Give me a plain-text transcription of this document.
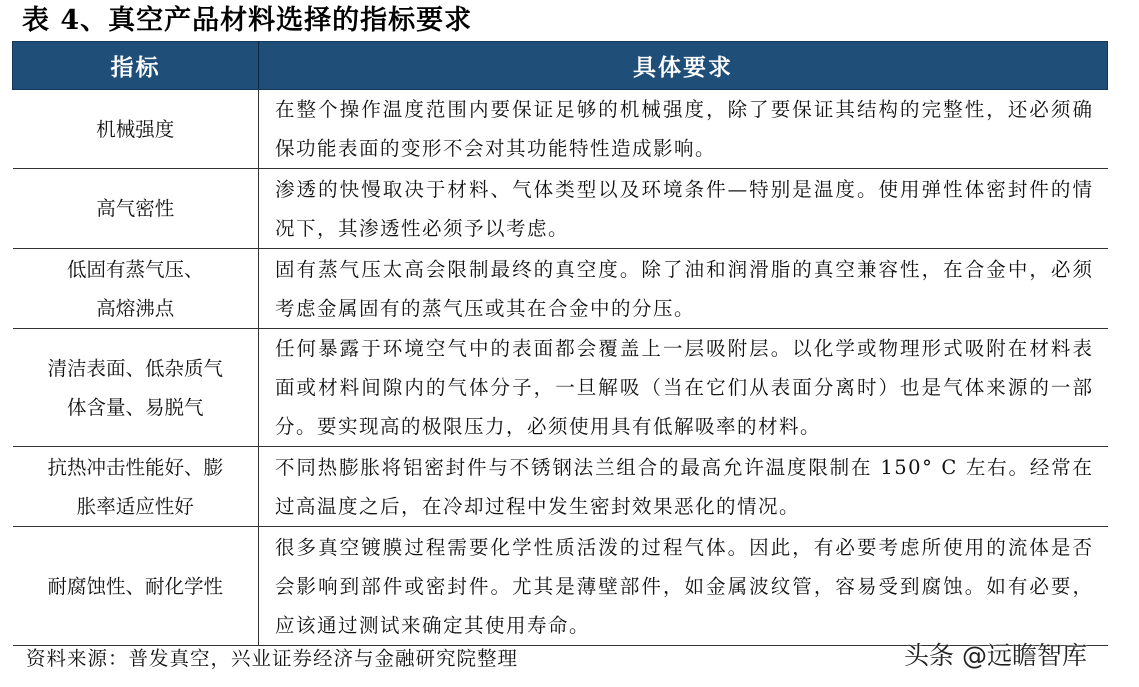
表 4、真空产品材料选择的指标要求
指标	具体要求
机械强度	在整个操作温度范围内要保证足够的机械强度，除了要保证其结构的完整性，还必须确保功能表面的变形不会对其功能特性造成影响。
高气密性	渗透的快慢取决于材料、气体类型以及环境条件—特别是温度。使用弹性体密封件的情况下，其渗透性必须予以考虑。
低固有蒸气压、
高熔沸点	固有蒸气压太高会限制最终的真空度。除了油和润滑脂的真空兼容性，在合金中，必须考虑金属固有的蒸气压或其在合金中的分压。
清洁表面、低杂质气
体含量、易脱气	任何暴露于环境空气中的表面都会覆盖上一层吸附层。以化学或物理形式吸附在材料表面或材料间隙内的气体分子，一旦解吸（当在它们从表面分离时）也是气体来源的一部分。要实现高的极限压力，必须使用具有低解吸率的材料。
抗热冲击性能好、膨
胀率适应性好	不同热膨胀将铝密封件与不锈钢法兰组合的最高允许温度限制在 150° C 左右。经常在过高温度之后，在冷却过程中发生密封效果恶化的情况。
耐腐蚀性、耐化学性	很多真空镀膜过程需要化学性质活泼的过程气体。因此，有必要考虑所使用的流体是否会影响到部件或密封件。尤其是薄壁部件，如金属波纹管，容易受到腐蚀。如有必要，应该通过测试来确定其使用寿命。
资料来源：普发真空，兴业证券经济与金融研究院整理	头条 @远瞻智库
